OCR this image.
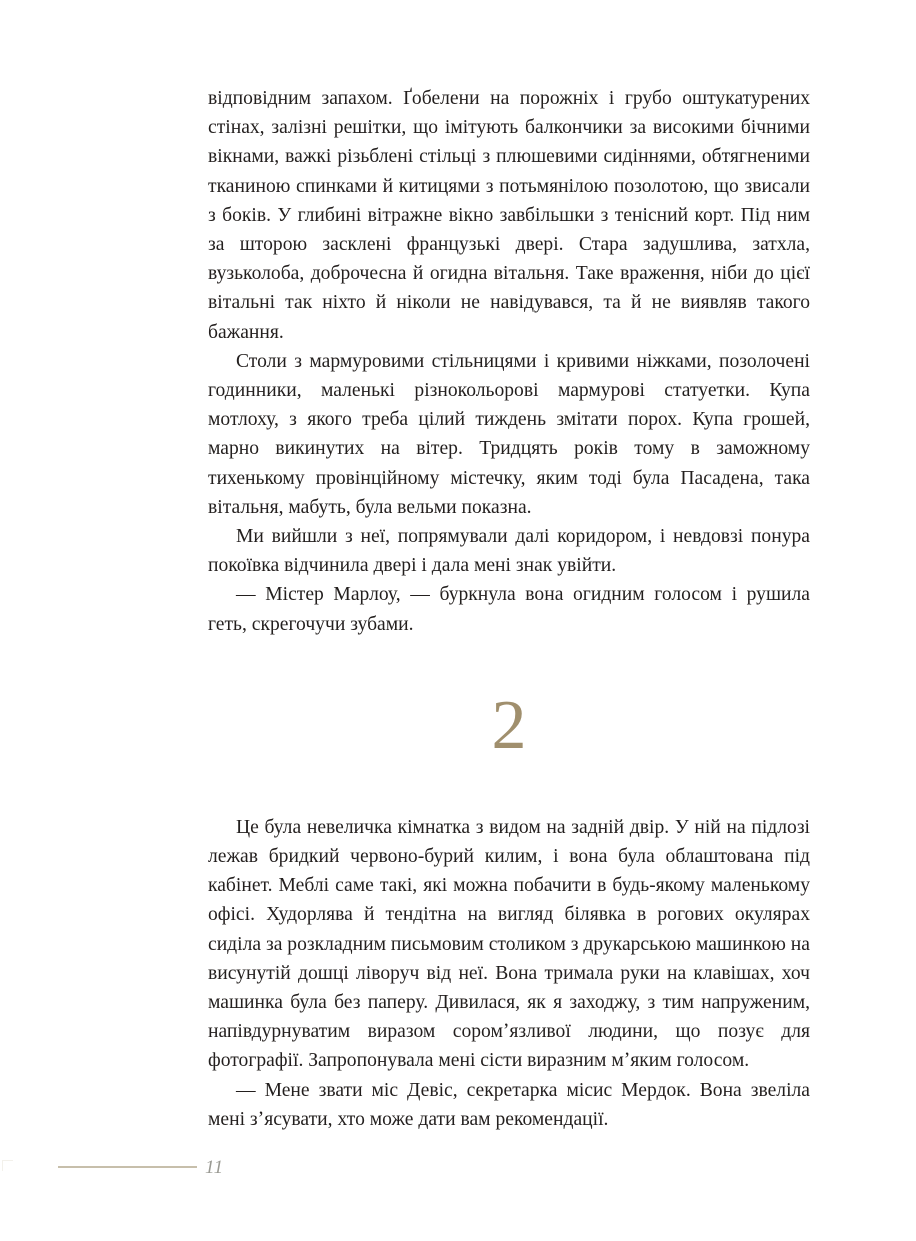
відповідним запахом. Ґобелени на порожніх і грубо оштукатурених стінах, залізні решітки, що імітують балкончики за високими бічними вікнами, важкі різьблені стільці з плюшевими сидіннями, обтягненими тканиною спинками й китицями з потьмянілою позолотою, що звисали з боків. У глибині вітражне вікно завбільшки з тенісний корт. Під ним за шторою засклені французькі двері. Стара задушлива, затхла, вузьколоба, доброчесна й огидна вітальня. Таке враження, ніби до цієї вітальні так ніхто й ніколи не навідувався, та й не виявляв такого бажання.

Столи з мармуровими стільницями і кривими ніжками, позолочені годинники, маленькі різнокольорові мармурові статуетки. Купа мотлоху, з якого треба цілий тиждень змітати порох. Купа грошей, марно викинутих на вітер. Тридцять років тому в заможному тихенькому провінційному містечку, яким тоді була Пасадена, така вітальня, мабуть, була вельми показна.

Ми вийшли з неї, попрямували далі коридором, і невдовзі понура покоївка відчинила двері і дала мені знак увійти.

— Містер Марлоу, — буркнула вона огидним голосом і рушила геть, скрегочучи зубами.

2

Це була невеличка кімнатка з видом на задній двір. У ній на підлозі лежав бридкий червоно-бурий килим, і вона була облаштована під кабінет. Меблі саме такі, які можна побачити в будь-якому маленькому офісі. Худорлява й тендітна на вигляд білявка в рогових окулярах сиділа за розкладним письмовим столиком з друкарською машинкою на висунутій дошці ліворуч від неї. Вона тримала руки на клавішах, хоч машинка була без паперу. Дивилася, як я заходжу, з тим напруженим, напівдурнуватим виразом соромʼязливої людини, що позує для фотографії. Запропонувала мені сісти виразним мʼяким голосом.

— Мене звати міс Девіс, секретарка місис Мердок. Вона звеліла мені зʼясувати, хто може дати вам рекомендації.

11
